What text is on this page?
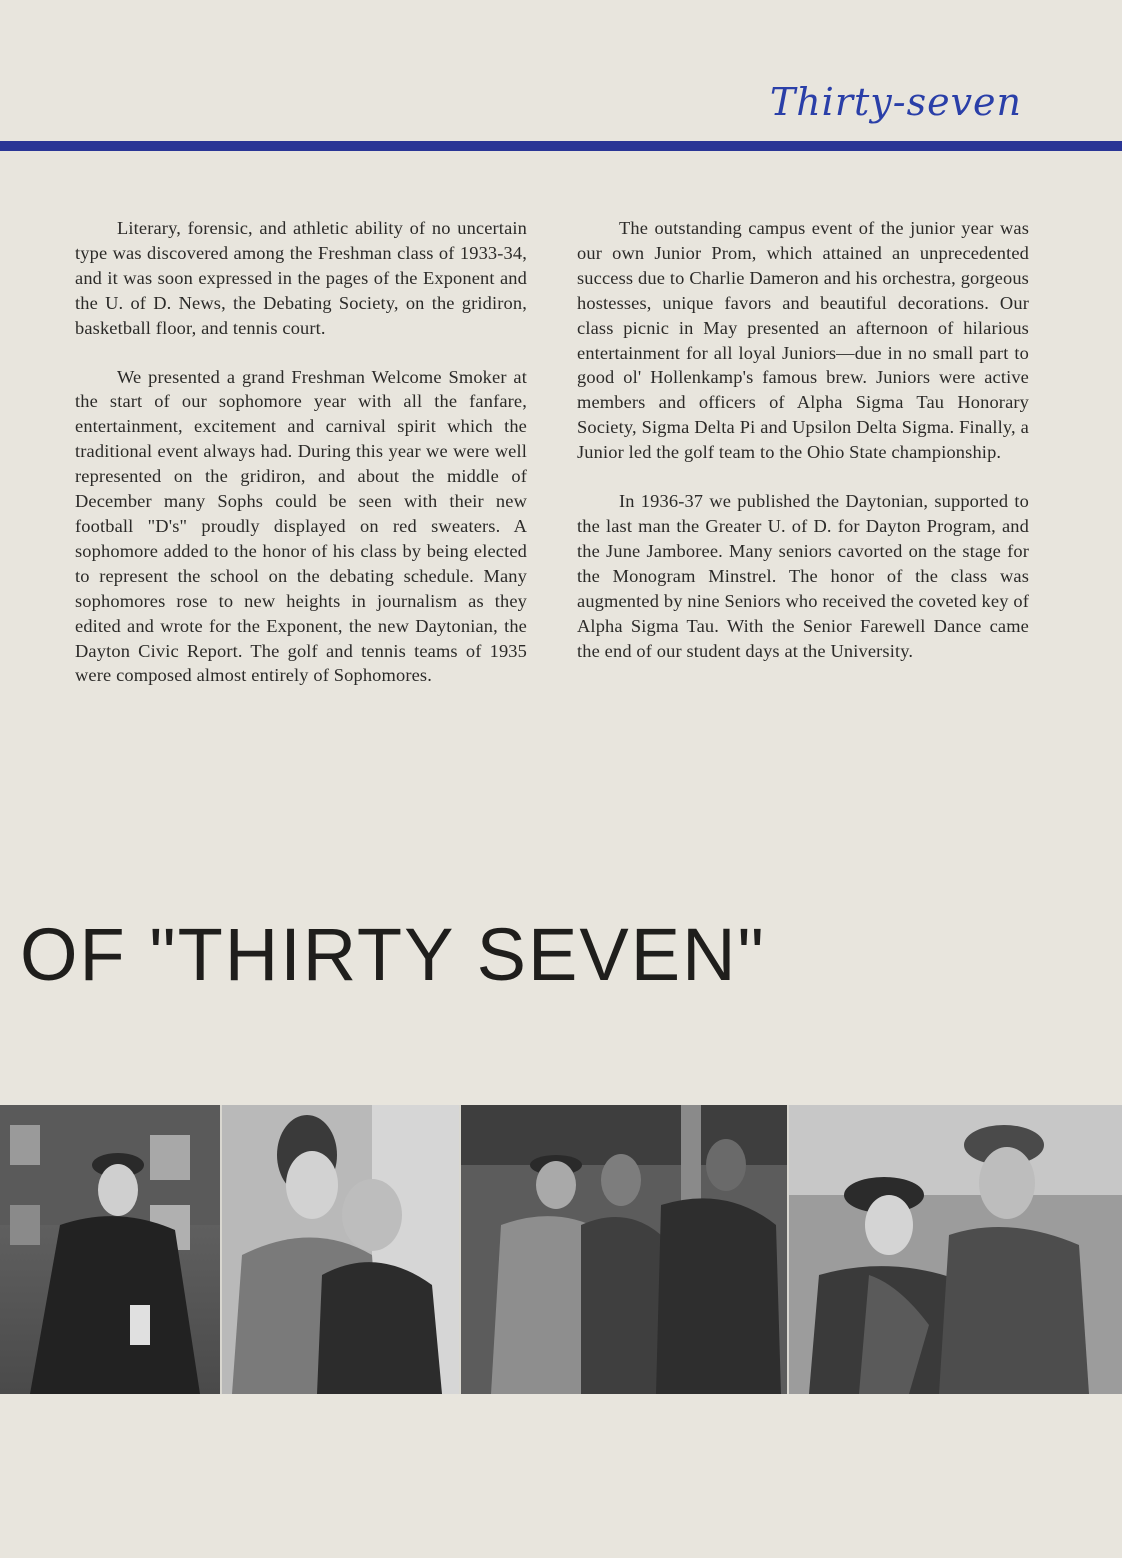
Thirty-seven

Literary, forensic, and athletic ability of no uncertain type was discovered among the Freshman class of 1933-34, and it was soon expressed in the pages of the Exponent and the U. of D. News, the Debating Society, on the gridiron, basketball floor, and tennis court.

We presented a grand Freshman Welcome Smoker at the start of our sophomore year with all the fanfare, entertainment, excitement and carnival spirit which the traditional event always had. During this year we were well represented on the gridiron, and about the middle of December many Sophs could be seen with their new football "D's" proudly displayed on red sweaters. A sophomore added to the honor of his class by being elected to represent the school on the debating schedule. Many sophomores rose to new heights in journalism as they edited and wrote for the Exponent, the new Daytonian, the Dayton Civic Report. The golf and tennis teams of 1935 were composed almost entirely of Sophomores.

The outstanding campus event of the junior year was our own Junior Prom, which attained an unprecedented success due to Charlie Dameron and his orchestra, gorgeous hostesses, unique favors and beautiful decorations. Our class picnic in May presented an afternoon of hilarious entertainment for all loyal Juniors—due in no small part to good ol' Hollenkamp's famous brew. Juniors were active members and officers of Alpha Sigma Tau Honorary Society, Sigma Delta Pi and Upsilon Delta Sigma. Finally, a Junior led the golf team to the Ohio State championship.

In 1936-37 we published the Daytonian, supported to the last man the Greater U. of D. for Dayton Program, and the June Jamboree. Many seniors cavorted on the stage for the Monogram Minstrel. The honor of the class was augmented by nine Seniors who received the coveted key of Alpha Sigma Tau. With the Senior Farewell Dance came the end of our student days at the University.

OF "THIRTY SEVEN"
